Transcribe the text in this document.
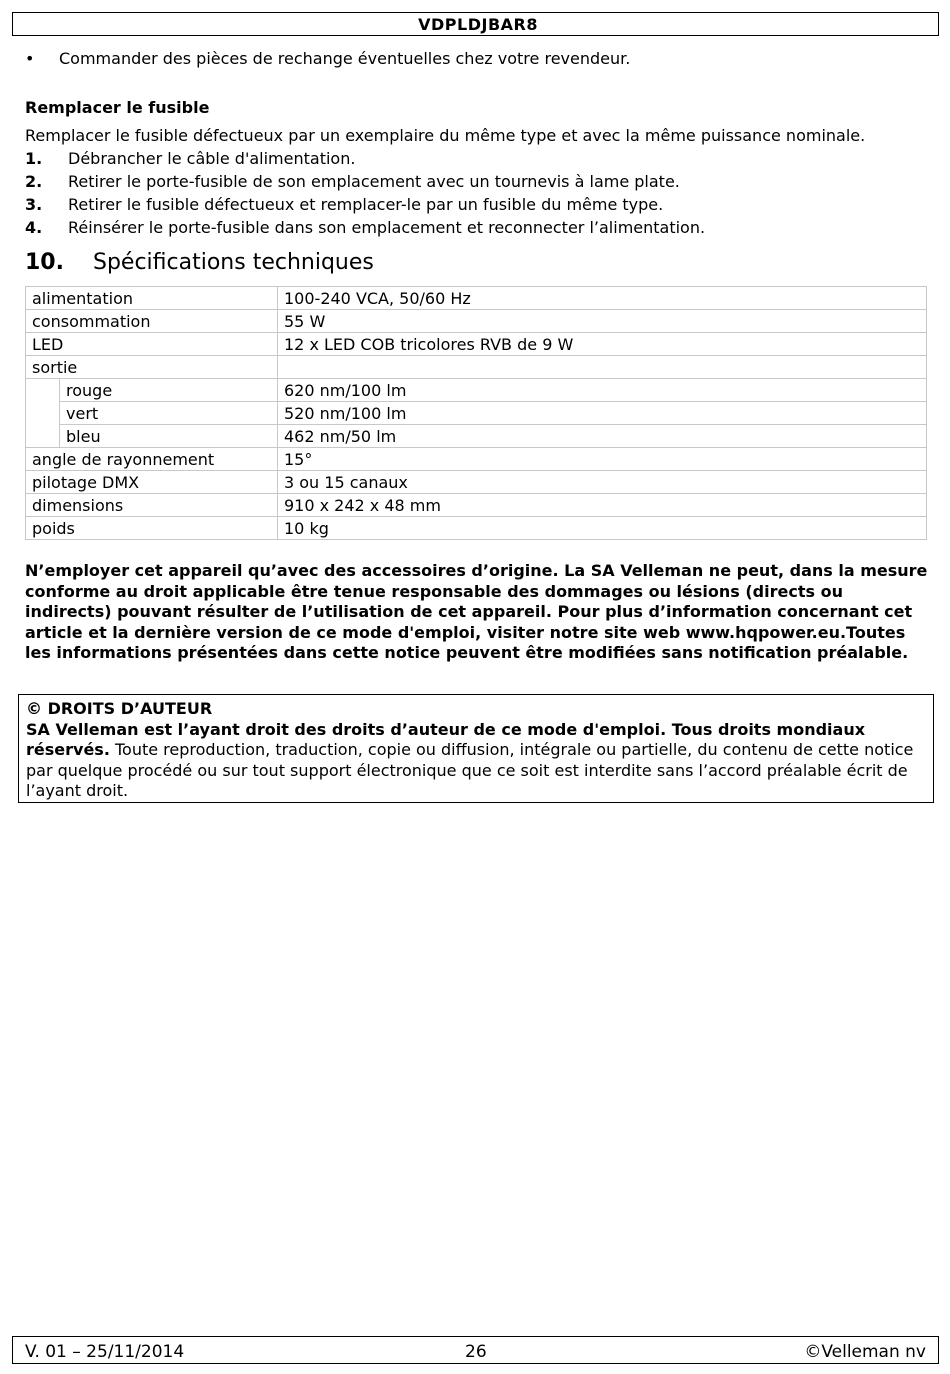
VDPLDJBAR8
• Commander des pièces de rechange éventuelles chez votre revendeur.
Remplacer le fusible
Remplacer le fusible défectueux par un exemplaire du même type et avec la même puissance nominale.
1. Débrancher le câble d'alimentation.
2. Retirer le porte-fusible de son emplacement avec un tournevis à lame plate.
3. Retirer le fusible défectueux et remplacer-le par un fusible du même type.
4. Réinsérer le porte-fusible dans son emplacement et reconnecter l’alimentation.
10. Spécifications techniques
alimentation		100-240 VCA, 50/60 Hz
consommation		55 W
LED		12 x LED COB tricolores RVB de 9 W
sortie		
	rouge	620 nm/100 lm
	vert	520 nm/100 lm
	bleu	462 nm/50 lm
angle de rayonnement		15°
pilotage DMX		3 ou 15 canaux
dimensions		910 x 242 x 48 mm
poids		10 kg
N’employer cet appareil qu’avec des accessoires d’origine. La SA Velleman ne peut, dans la mesure conforme au droit applicable être tenue responsable des dommages ou lésions (directs ou indirects) pouvant résulter de l’utilisation de cet appareil. Pour plus d’information concernant cet article et la dernière version de ce mode d'emploi, visiter notre site web www.hqpower.eu.Toutes les informations présentées dans cette notice peuvent être modifiées sans notification préalable.
© DROITS D’AUTEUR
SA Velleman est l’ayant droit des droits d’auteur de ce mode d'emploi. Tous droits mondiaux réservés. Toute reproduction, traduction, copie ou diffusion, intégrale ou partielle, du contenu de cette notice par quelque procédé ou sur tout support électronique que ce soit est interdite sans l’accord préalable écrit de l’ayant droit.
V. 01 – 25/11/2014	26	©Velleman nv
